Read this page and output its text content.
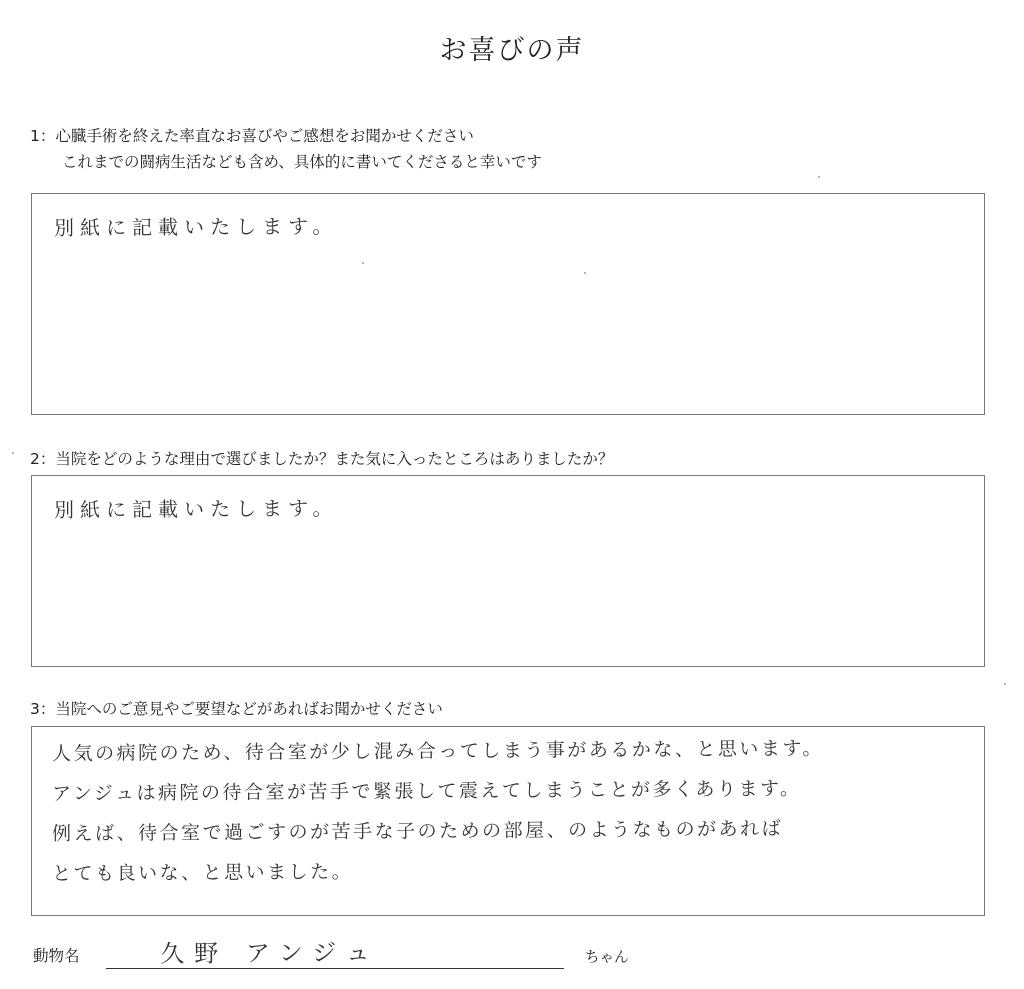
お喜びの声
1：心臓手術を終えた率直なお喜びやご感想をお聞かせください
これまでの闘病生活なども含め、具体的に書いてくださると幸いです
別紙に記載いたします。
2：当院をどのような理由で選びましたか？また気に入ったところはありましたか？
別紙に記載いたします。
3：当院へのご意見やご要望などがあればお聞かせください
人気の病院のため、待合室が少し混み合ってしまう事があるかな、と思います。
アンジュは病院の待合室が苦手で緊張して震えてしまうことが多くあります。
例えば、待合室で過ごすのが苦手な子のための部屋、のようなものがあれば
とても良いな、と思いました。
動物名	久野 アンジュ	ちゃん
